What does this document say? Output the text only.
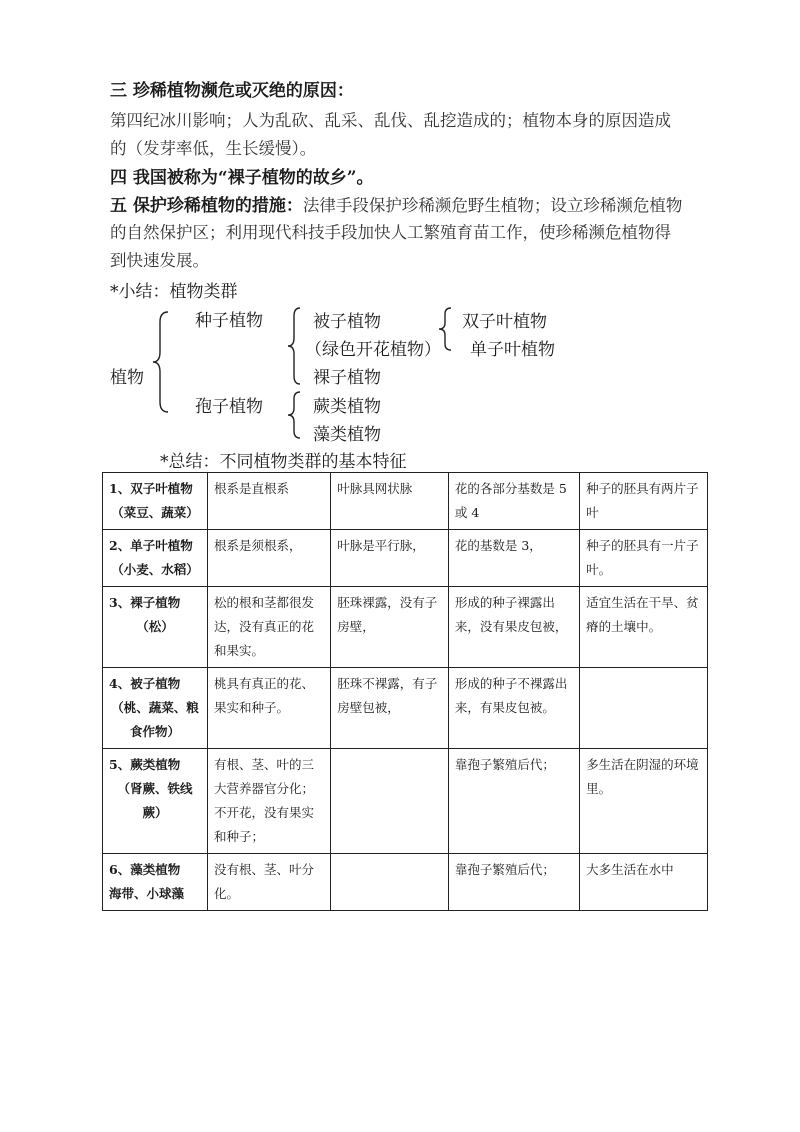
三 珍稀植物濒危或灭绝的原因：
第四纪冰川影响；人为乱砍、乱采、乱伐、乱挖造成的；植物本身的原因造成
的（发芽率低，生长缓慢）。
四 我国被称为“裸子植物的故乡”。
五 保护珍稀植物的措施：法律手段保护珍稀濒危野生植物；设立珍稀濒危植物
的自然保护区；利用现代科技手段加快人工繁殖育苗工作，使珍稀濒危植物得
到快速发展。
*小结：植物类群
植物
种子植物	被子植物
（绿色开花植物）
裸子植物
双子叶植物
单子叶植物
孢子植物	蕨类植物
藻类植物
*总结：不同植物类群的基本特征
1、双子叶植物
（菜豆、蔬菜）	根系是直根系	叶脉具网状脉	花的各部分基数是 5 或 4	种子的胚具有两片子叶
2、单子叶植物
（小麦、水稻）	根系是须根系，	叶脉是平行脉，	花的基数是 3，	种子的胚具有一片子叶。
3、裸子植物
（松）	松的根和茎都很发达，没有真正的花和果实。	胚珠裸露，没有子房壁，	形成的种子裸露出来，没有果皮包被，	适宜生活在干旱、贫瘠的土壤中。
4、被子植物
（桃、蔬菜、粮食作物）	桃具有真正的花、果实和种子。	胚珠不裸露，有子房壁包被，	形成的种子不裸露出来，有果皮包被。	
5、蕨类植物
（肾蕨、铁线蕨）	有根、茎、叶的三大营养器官分化；不开花，没有果实和种子；		靠孢子繁殖后代；	多生活在阴湿的环境里。
6、藻类植物
海带、小球藻	没有根、茎、叶分化。		靠孢子繁殖后代；	大多生活在水中
